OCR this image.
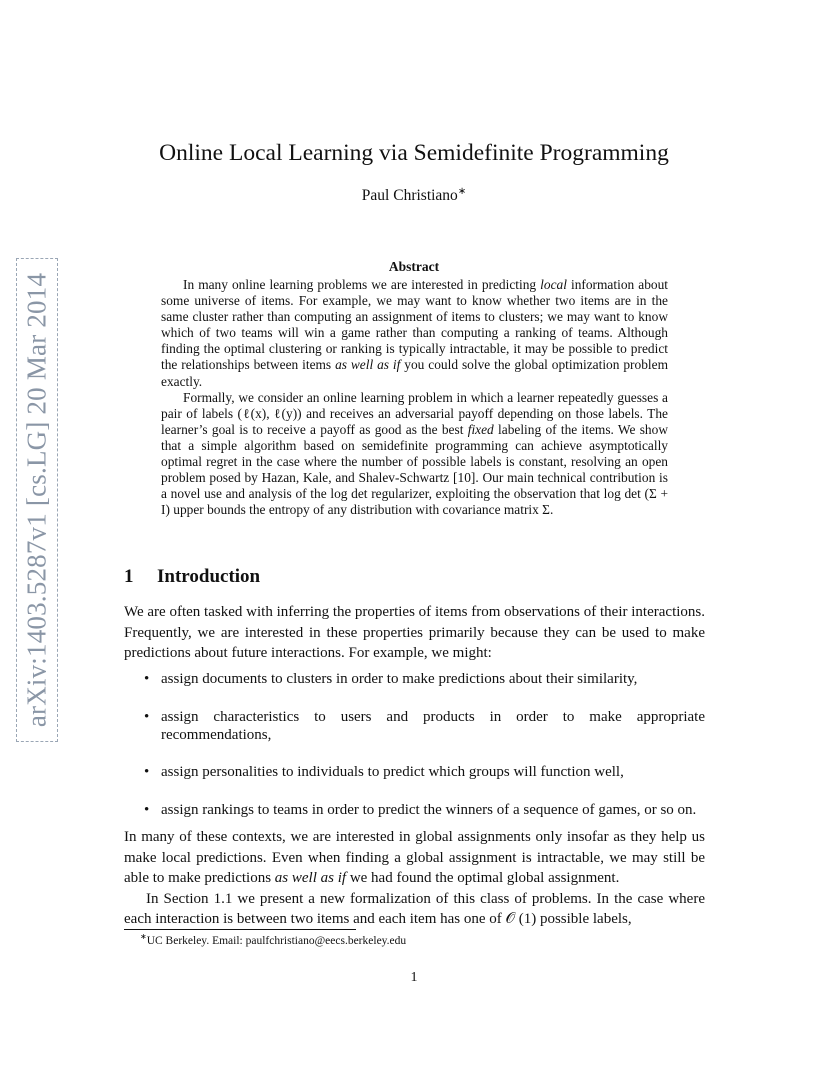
arXiv:1403.5287v1 [cs.LG] 20 Mar 2014
Online Local Learning via Semidefinite Programming
Paul Christiano∗
Abstract

In many online learning problems we are interested in predicting local information about some universe of items. For example, we may want to know whether two items are in the same cluster rather than computing an assignment of items to clusters; we may want to know which of two teams will win a game rather than computing a ranking of teams. Although finding the optimal clustering or ranking is typically intractable, it may be possible to predict the relationships between items as well as if you could solve the global optimization problem exactly.

Formally, we consider an online learning problem in which a learner repeatedly guesses a pair of labels (ℓ(x), ℓ(y)) and receives an adversarial payoff depending on those labels. The learner’s goal is to receive a payoff as good as the best fixed labeling of the items. We show that a simple algorithm based on semidefinite programming can achieve asymptotically optimal regret in the case where the number of possible labels is constant, resolving an open problem posed by Hazan, Kale, and Shalev-Schwartz [10]. Our main technical contribution is a novel use and analysis of the log det regularizer, exploiting the observation that log det (Σ + I) upper bounds the entropy of any distribution with covariance matrix Σ.

1 Introduction

We are often tasked with inferring the properties of items from observations of their interactions. Frequently, we are interested in these properties primarily because they can be used to make predictions about future interactions. For example, we might:

• assign documents to clusters in order to make predictions about their similarity,
• assign characteristics to users and products in order to make appropriate recommendations,
• assign personalities to individuals to predict which groups will function well,
• assign rankings to teams in order to predict the winners of a sequence of games, or so on.

In many of these contexts, we are interested in global assignments only insofar as they help us make local predictions. Even when finding a global assignment is intractable, we may still be able to make predictions as well as if we had found the optimal global assignment.

In Section 1.1 we present a new formalization of this class of problems. In the case where each interaction is between two items and each item has one of 𝒪 (1) possible labels,

∗UC Berkeley. Email: paulfchristiano@eecs.berkeley.edu
1
